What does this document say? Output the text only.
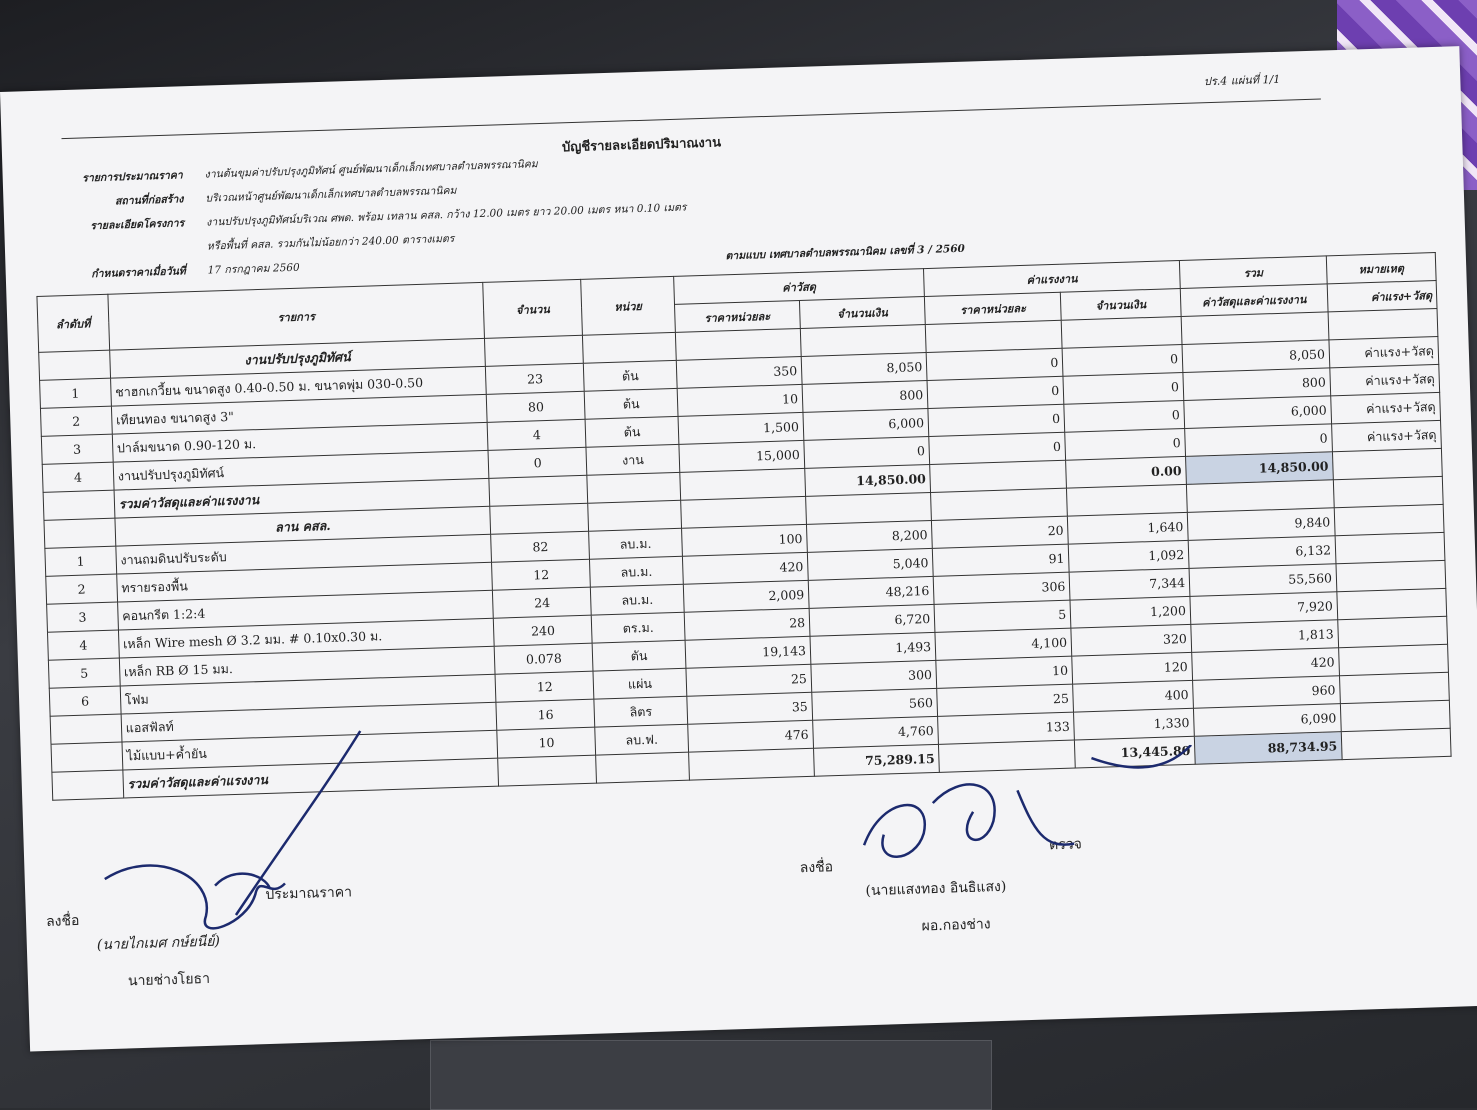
ปร.4 แผ่นที่ 1/1
บัญชีรายละเอียดปริมาณงาน
รายการประมาณราคา งานต้นขุมค่าปรับปรุงภูมิทัศน์ ศูนย์พัฒนาเด็กเล็กเทศบาลตำบลพรรณานิคม
สถานที่ก่อสร้าง บริเวณหน้าศูนย์พัฒนาเด็กเล็กเทศบาลตำบลพรรณานิคม
รายละเอียดโครงการ งานปรับปรุงภูมิทัศน์บริเวณ ศพด. พร้อม เทลาน คสล. กว้าง 12.00 เมตร ยาว 20.00 เมตร หนา 0.10 เมตร
หรือพื้นที่ คสล. รวมกันไม่น้อยกว่า 240.00 ตารางเมตร
กำหนดราคาเมื่อวันที่ 17 กรกฎาคม 2560
ตามแบบ เทศบาลตำบลพรรณานิคม เลขที่ 3 / 2560
ลำดับที่	รายการ	จำนวน	หน่วย	ค่าวัสดุ		ค่าแรงงาน		รวม	หมายเหตุ
				ราคาหน่วยละ	จำนวนเงิน	ราคาหน่วยละ	จำนวนเงิน	ค่าวัสดุและค่าแรงงาน	ค่าแรง+วัสดุ
	งานปรับปรุงภูมิทัศน์								
1	ชาฮกเกวี้ยน ขนาดสูง 0.40-0.50 ม. ขนาดพุ่ม 030-0.50	23	ต้น	350	8,050	0	0	8,050	ค่าแรง+วัสดุ
2	เทียนทอง ขนาดสูง 3"	80	ต้น	10	800	0	0	800	ค่าแรง+วัสดุ
3	ปาล์มขนาด 0.90-120 ม.	4	ต้น	1,500	6,000	0	0	6,000	ค่าแรง+วัสดุ
4	งานปรับปรุงภูมิทัศน์	0	งาน	15,000	0	0	0	0	ค่าแรง+วัสดุ
	รวมค่าวัสดุและค่าแรงงาน				14,850.00		0.00	14,850.00	
	ลาน คสล.								
1	งานถมดินปรับระดับ	82	ลบ.ม.	100	8,200	20	1,640	9,840	
2	ทรายรองพื้น	12	ลบ.ม.	420	5,040	91	1,092	6,132	
3	คอนกรีต 1:2:4	24	ลบ.ม.	2,009	48,216	306	7,344	55,560	
4	เหล็ก Wire mesh Ø 3.2 มม. # 0.10x0.30 ม.	240	ตร.ม.	28	6,720	5	1,200	7,920	
5	เหล็ก RB Ø 15 มม.	0.078	ตัน	19,143	1,493	4,100	320	1,813	
6	โฟม	12	แผ่น	25	300	10	120	420	
	แอสฟัลท์	16	ลิตร	35	560	25	400	960	
	ไม้แบบ+ค้ำยัน	10	ลบ.ฟ.	476	4,760	133	1,330	6,090	
	รวมค่าวัสดุและค่าแรงงาน				75,289.15		13,445.80	88,734.95	
ลงชื่อ
ประมาณราคา
(นายไกเมศ กษ์ยนีย์)
นายช่างโยธา
ลงชื่อ
ตรวจ
(นายแสงทอง อินธิแสง)
ผอ.กองช่าง
